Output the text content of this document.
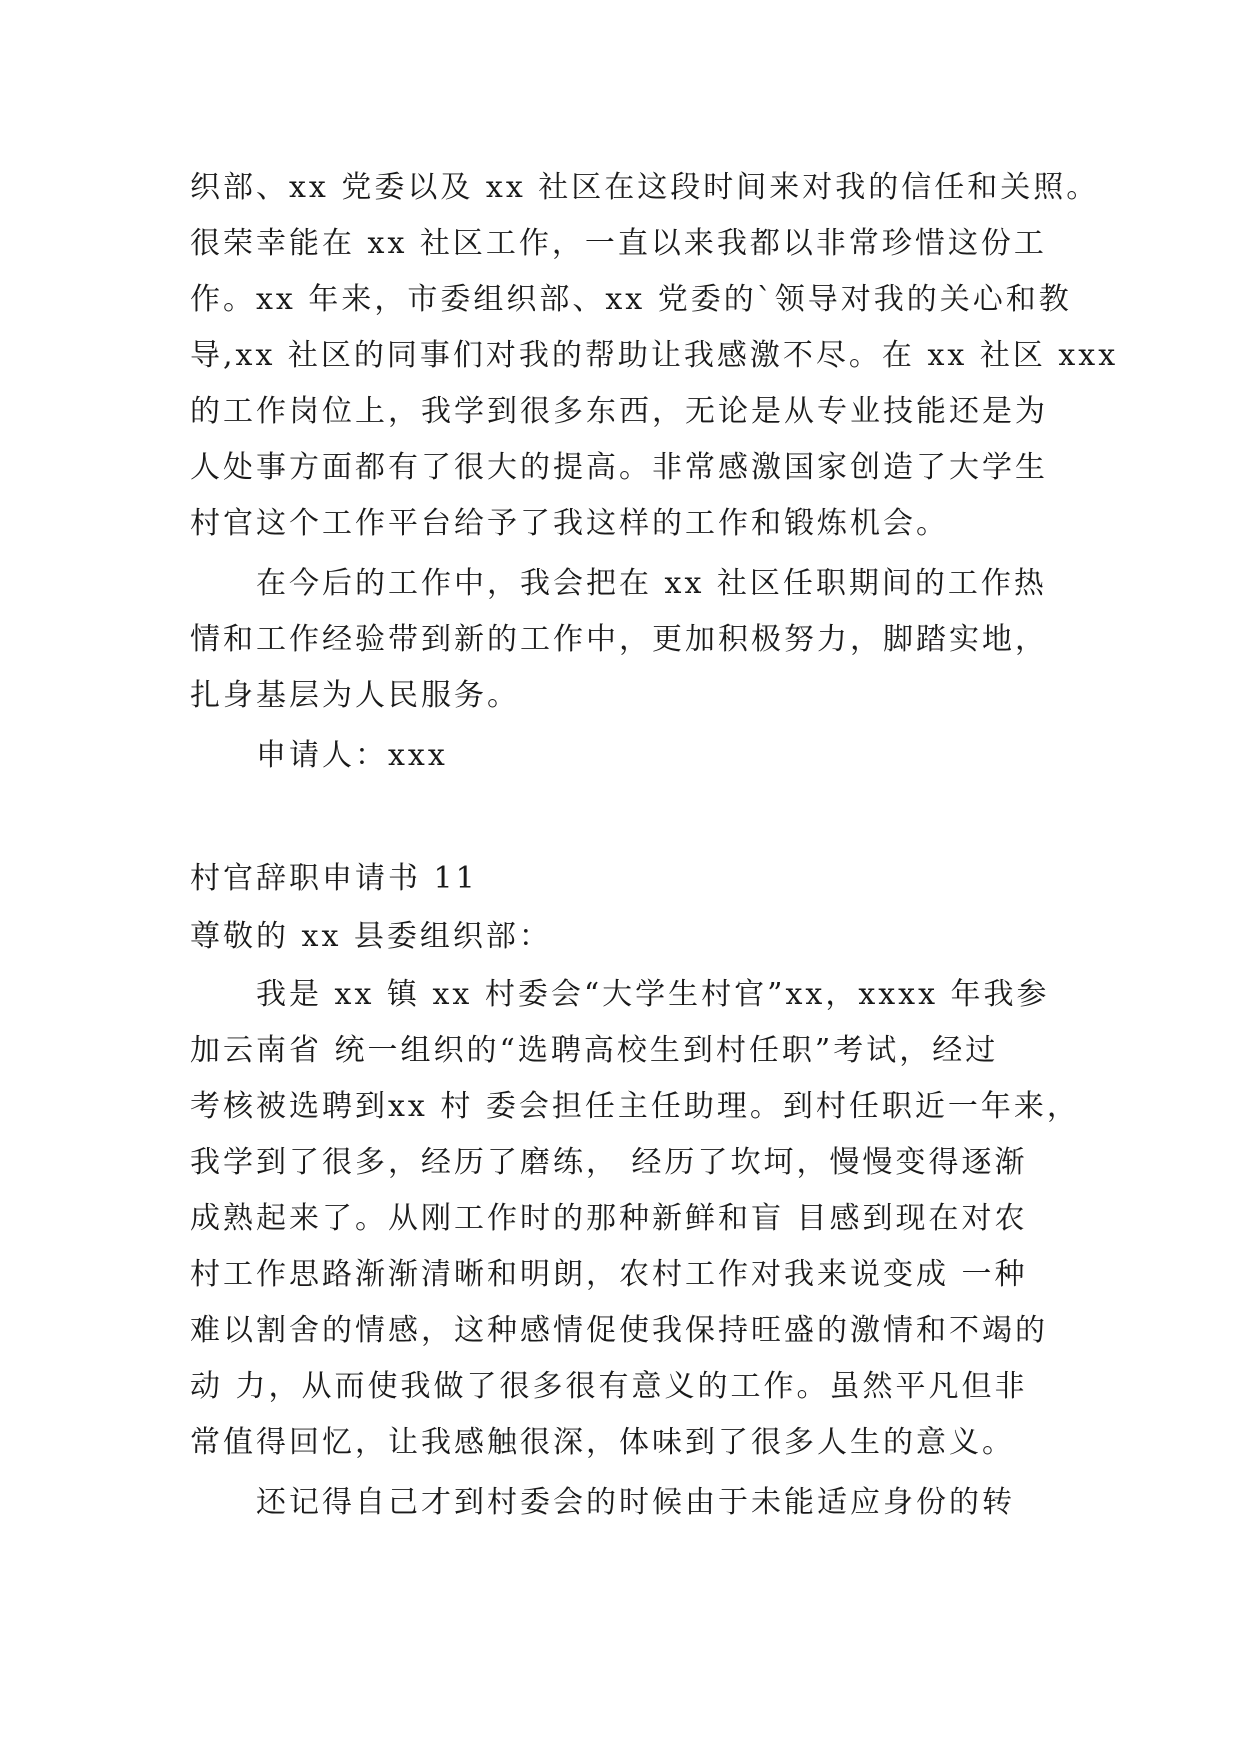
织部、xx 党委以及 xx 社区在这段时间来对我的信任和关照。
很荣幸能在 xx 社区工作，一直以来我都以非常珍惜这份工
作。xx 年来，市委组织部、xx 党委的`领导对我的关心和教
导,xx 社区的同事们对我的帮助让我感激不尽。在 xx 社区 xxx
的工作岗位上，我学到很多东西，无论是从专业技能还是为
人处事方面都有了很大的提高。非常感激国家创造了大学生
村官这个工作平台给予了我这样的工作和锻炼机会。
在今后的工作中，我会把在 xx 社区任职期间的工作热
情和工作经验带到新的工作中，更加积极努力，脚踏实地，
扎身基层为人民服务。
申请人：xxx
村官辞职申请书 11
尊敬的 xx 县委组织部：
我是 xx 镇 xx 村委会“大学生村官”xx，xxxx 年我参
加云南省 统一组织的“选聘高校生到村任职”考试，经过
考核被选聘到xx 村 委会担任主任助理。到村任职近一年来，
我学到了很多，经历了磨练， 经历了坎坷，慢慢变得逐渐
成熟起来了。从刚工作时的那种新鲜和盲 目感到现在对农
村工作思路渐渐清晰和明朗，农村工作对我来说变成 一种
难以割舍的情感，这种感情促使我保持旺盛的激情和不竭的
动 力，从而使我做了很多很有意义的工作。虽然平凡但非
常值得回忆，让我感触很深，体味到了很多人生的意义。
还记得自己才到村委会的时候由于未能适应身份的转
